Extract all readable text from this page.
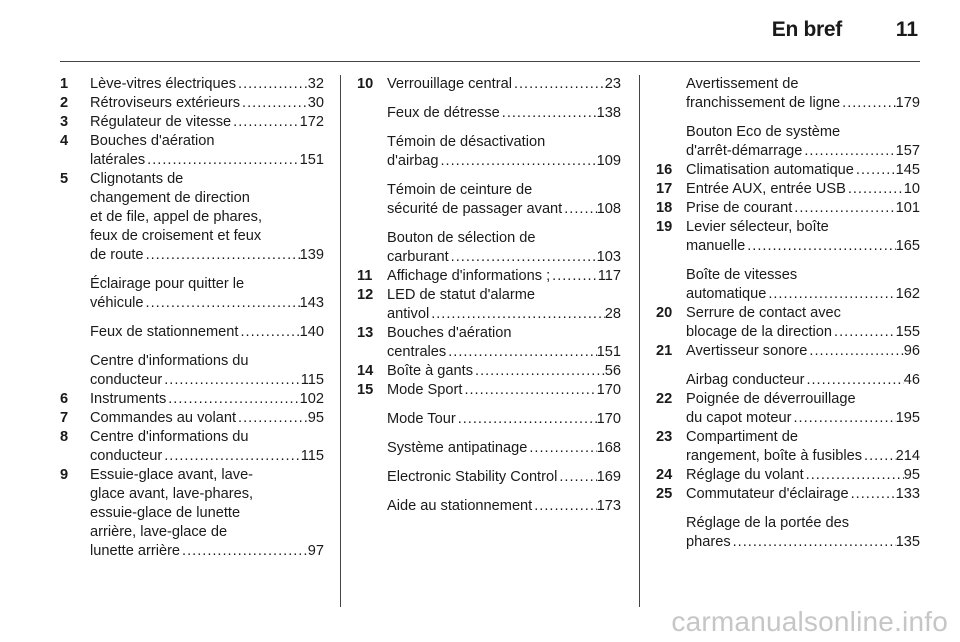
En bref	11
1	Lève-vitres électriques .....	32
2	Rétroviseurs extérieurs .....	30
3	Régulateur de vitesse .....	172
4	Bouches d'aération
latérales .....	151
5	Clignotants de
changement de direction
et de file, appel de phares,
feux de croisement et feux
de route .....	139
Éclairage pour quitter le
véhicule .....	143
Feux de stationnement .....	140
Centre d'informations du
conducteur .....	115
6	Instruments .....	102
7	Commandes au volant .....	95
8	Centre d'informations du
conducteur .....	115
9	Essuie-glace avant, lave-
glace avant, lave-phares,
essuie-glace de lunette
arrière, lave-glace de
lunette arrière .....	97
10 Verrouillage central .....	23
Feux de détresse .....	138
Témoin de désactivation
d'airbag .....	109
Témoin de ceinture de
sécurité de passager avant ..... 108
Bouton de sélection de
carburant .....	103
11 Affichage d'informations ; .....	117
12 LED de statut d'alarme
antivol .....	28
13 Bouches d'aération
centrales .....	151
14 Boîte à gants .....	56
15 Mode Sport .....	170
Mode Tour .....	170
Système antipatinage .....	168
Electronic Stability Control .....	169
Aide au stationnement .....	173
Avertissement de
franchissement de ligne .....	179
Bouton Eco de système
d'arrêt-démarrage .....	157
16 Climatisation automatique .....	145
17 Entrée AUX, entrée USB .....	10
18 Prise de courant .....	101
19 Levier sélecteur, boîte
manuelle .....	165
Boîte de vitesses
automatique .....	162
20 Serrure de contact avec
blocage de la direction .....	155
21 Avertisseur sonore .....	96
Airbag conducteur .....	46
22 Poignée de déverrouillage
du capot moteur .....	195
23 Compartiment de
rangement, boîte à fusibles ..... 214
24 Réglage du volant .....	95
25 Commutateur d'éclairage .....	133
Réglage de la portée des
phares .....	135
carmanualsonline.info
